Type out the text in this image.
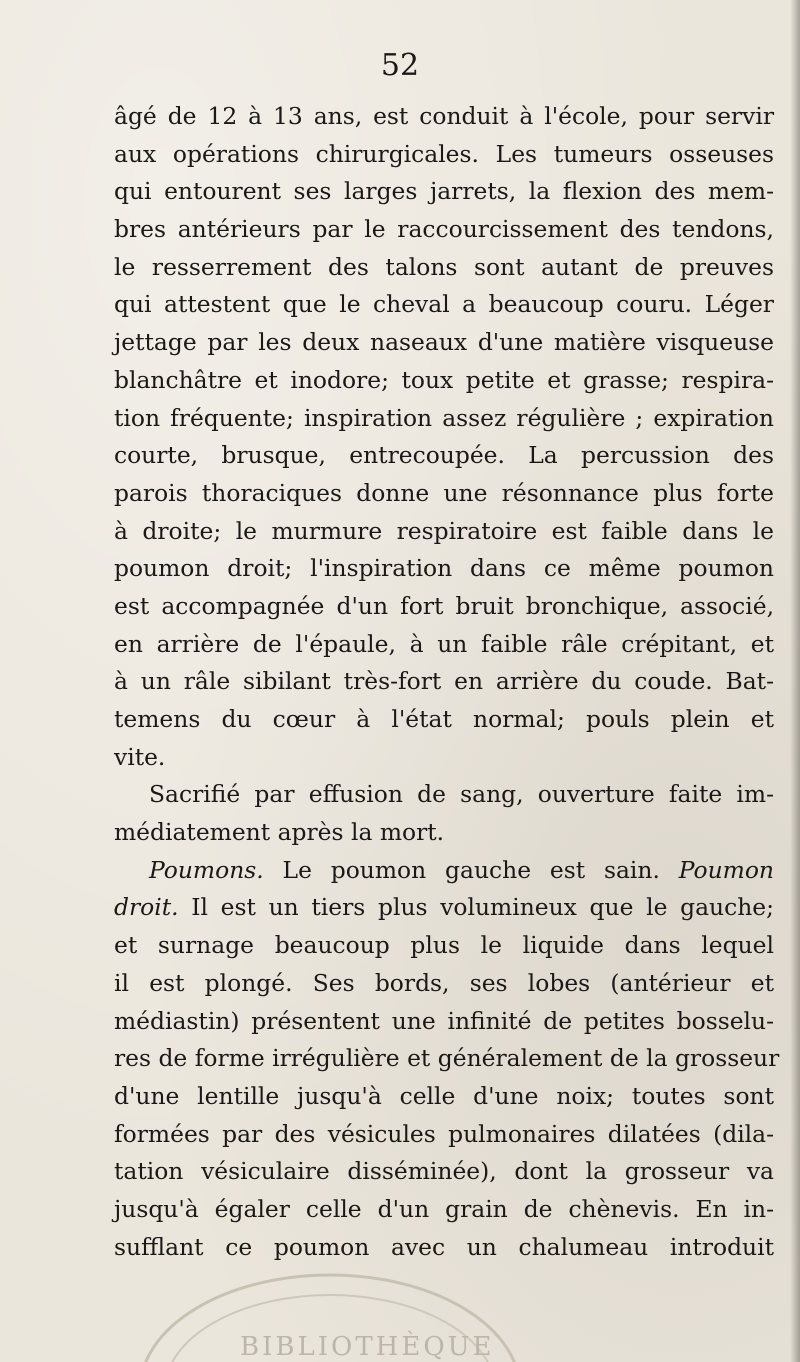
52
âgé de 12 à 13 ans, est conduit à l'école, pour servir
aux opérations chirurgicales. Les tumeurs osseuses
qui entourent ses larges jarrets, la flexion des mem-
bres antérieurs par le raccourcissement des tendons,
le resserrement des talons sont autant de preuves
qui attestent que le cheval a beaucoup couru. Léger
jettage par les deux naseaux d'une matière visqueuse
blanchâtre et inodore; toux petite et grasse; respira-
tion fréquente; inspiration assez régulière ; expiration
courte, brusque, entrecoupée. La percussion des
parois thoraciques donne une résonnance plus forte
à droite; le murmure respiratoire est faible dans le
poumon droit; l'inspiration dans ce même poumon
est accompagnée d'un fort bruit bronchique, associé,
en arrière de l'épaule, à un faible râle crépitant, et
à un râle sibilant très-fort en arrière du coude. Bat-
temens du cœur à l'état normal; pouls plein et
vite.
Sacrifié par effusion de sang, ouverture faite im-
médiatement après la mort.
Poumons. Le poumon gauche est sain. Poumon
droit. Il est un tiers plus volumineux que le gauche;
et surnage beaucoup plus le liquide dans lequel
il est plongé. Ses bords, ses lobes (antérieur et
médiastin) présentent une infinité de petites bosselu-
res de forme irrégulière et généralement de la grosseur
d'une lentille jusqu'à celle d'une noix; toutes sont
formées par des vésicules pulmonaires dilatées (dila-
tation vésiculaire disséminée), dont la grosseur va
jusqu'à égaler celle d'un grain de chènevis. En in-
sufflant ce poumon avec un chalumeau introduit
BIBLIOTHÈQUE
